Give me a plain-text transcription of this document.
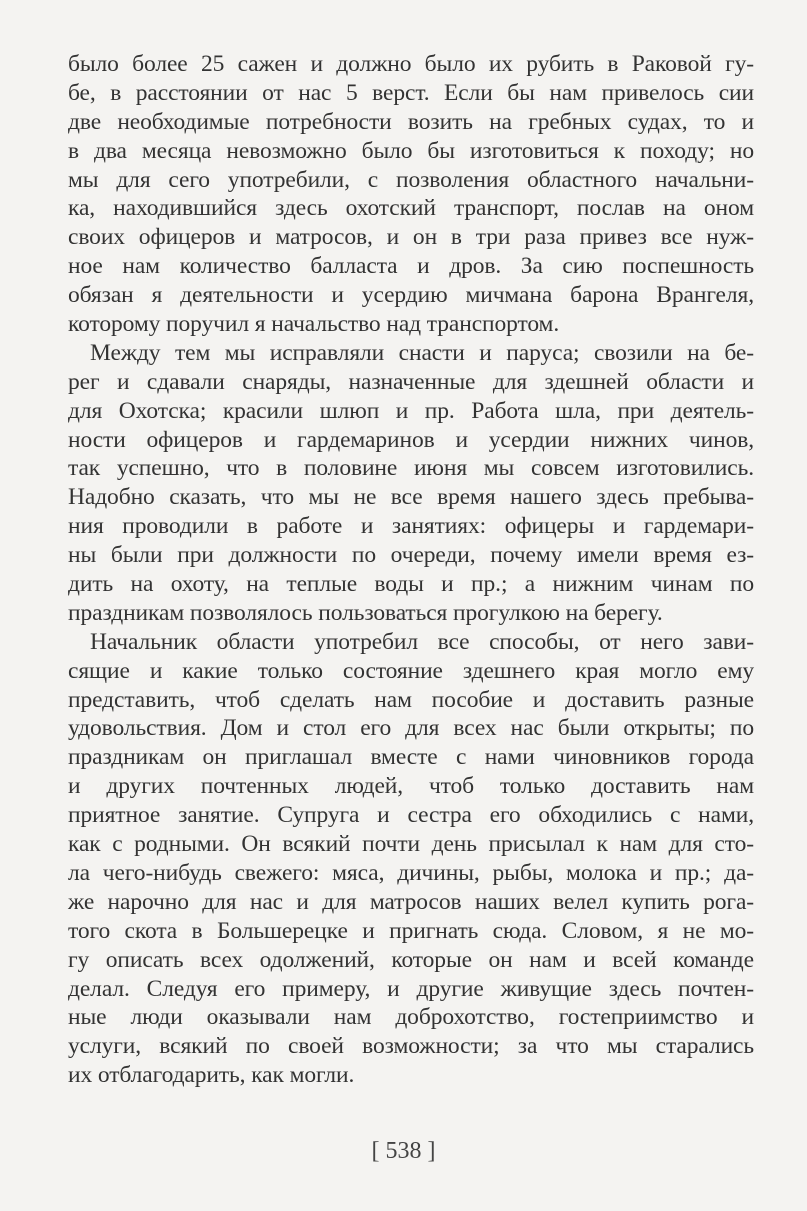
было более 25 сажен и должно было их рубить в Раковой гу-
бе, в расстоянии от нас 5 верст. Если бы нам привелось сии
две необходимые потребности возить на гребных судах, то и
в два месяца невозможно было бы изготовиться к походу; но
мы для сего употребили, с позволения областного начальни-
ка, находившийся здесь охотский транспорт, послав на оном
своих офицеров и матросов, и он в три раза привез все нуж-
ное нам количество балласта и дров. За сию поспешность
обязан я деятельности и усердию мичмана барона Врангеля,
которому поручил я начальство над транспортом.
Между тем мы исправляли снасти и паруса; свозили на бе-
рег и сдавали снаряды, назначенные для здешней области и
для Охотска; красили шлюп и пр. Работа шла, при деятель-
ности офицеров и гардемаринов и усердии нижних чинов,
так успешно, что в половине июня мы совсем изготовились.
Надобно сказать, что мы не все время нашего здесь пребыва-
ния проводили в работе и занятиях: офицеры и гардемари-
ны были при должности по очереди, почему имели время ез-
дить на охоту, на теплые воды и пр.; а нижним чинам по
праздникам позволялось пользоваться прогулкою на берегу.
Начальник области употребил все способы, от него зави-
сящие и какие только состояние здешнего края могло ему
представить, чтоб сделать нам пособие и доставить разные
удовольствия. Дом и стол его для всех нас были открыты; по
праздникам он приглашал вместе с нами чиновников города
и других почтенных людей, чтоб только доставить нам
приятное занятие. Супруга и сестра его обходились с нами,
как с родными. Он всякий почти день присылал к нам для сто-
ла чего-нибудь свежего: мяса, дичины, рыбы, молока и пр.; да-
же нарочно для нас и для матросов наших велел купить рога-
того скота в Большерецке и пригнать сюда. Словом, я не мо-
гу описать всех одолжений, которые он нам и всей команде
делал. Следуя его примеру, и другие живущие здесь почтен-
ные люди оказывали нам доброхотство, гостеприимство и
услуги, всякий по своей возможности; за что мы старались
их отблагодарить, как могли.
[ 538 ]
